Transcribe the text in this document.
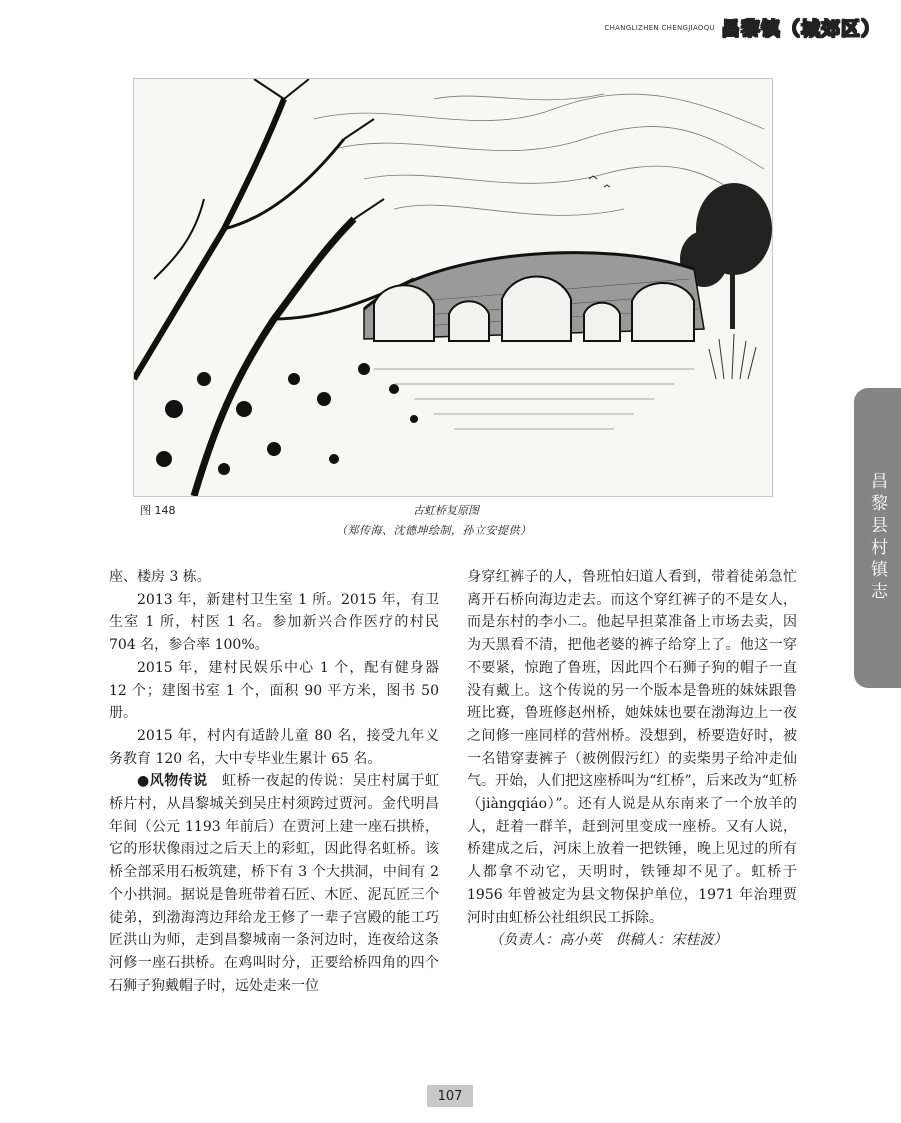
CHANGLIZHEN CHENGJIAOQU 昌黎镇（城郊区）
图 148	古虹桥复原图
（郑传海、沈德坤绘制，孙立安提供）

座、楼房 3 栋。

2013 年，新建村卫生室 1 所。2015 年，有卫生室 1 所，村医 1 名。参加新兴合作医疗的村民 704 名，参合率 100%。

2015 年，建村民娱乐中心 1 个，配有健身器 12 个；建图书室 1 个，面积 90 平方米，图书 50 册。

2015 年，村内有适龄儿童 80 名，接受九年义务教育 120 名，大中专毕业生累计 65 名。

●风物传说　虹桥一夜起的传说：吴庄村属于虹桥片村，从昌黎城关到吴庄村须跨过贾河。金代明昌年间（公元 1193 年前后）在贾河上建一座石拱桥，它的形状像雨过之后天上的彩虹，因此得名虹桥。该桥全部采用石板筑建，桥下有 3 个大拱洞，中间有 2 个小拱洞。据说是鲁班带着石匠、木匠、泥瓦匠三个徒弟，到渤海湾边拜给龙王修了一辈子宫殿的能工巧匠洪山为师，走到昌黎城南一条河边时，连夜给这条河修一座石拱桥。在鸡叫时分，正要给桥四角的四个石狮子狗戴帽子时，远处走来一位

身穿红裤子的人，鲁班怕妇道人看到，带着徒弟急忙离开石桥向海边走去。而这个穿红裤子的不是女人，而是东村的李小二。他起早担菜准备上市场去卖，因为天黑看不清，把他老婆的裤子给穿上了。他这一穿不要紧，惊跑了鲁班，因此四个石狮子狗的帽子一直没有戴上。这个传说的另一个版本是鲁班的妹妹跟鲁班比赛，鲁班修赵州桥，她妹妹也要在渤海边上一夜之间修一座同样的营州桥。没想到，桥要造好时，被一名错穿妻裤子（被例假污红）的卖柴男子给冲走仙气。开始，人们把这座桥叫为“红桥”，后来改为“虹桥（jiàngqiáo）”。还有人说是从东南来了一个放羊的人，赶着一群羊，赶到河里变成一座桥。又有人说，桥建成之后，河床上放着一把铁锤，晚上见过的所有人都拿不动它，天明时，铁锤却不见了。虹桥于 1956 年曾被定为县文物保护单位，1971 年治理贾河时由虹桥公社组织民工拆除。

（负责人：高小英　供稿人：宋桂波）

昌黎县村镇志
107
